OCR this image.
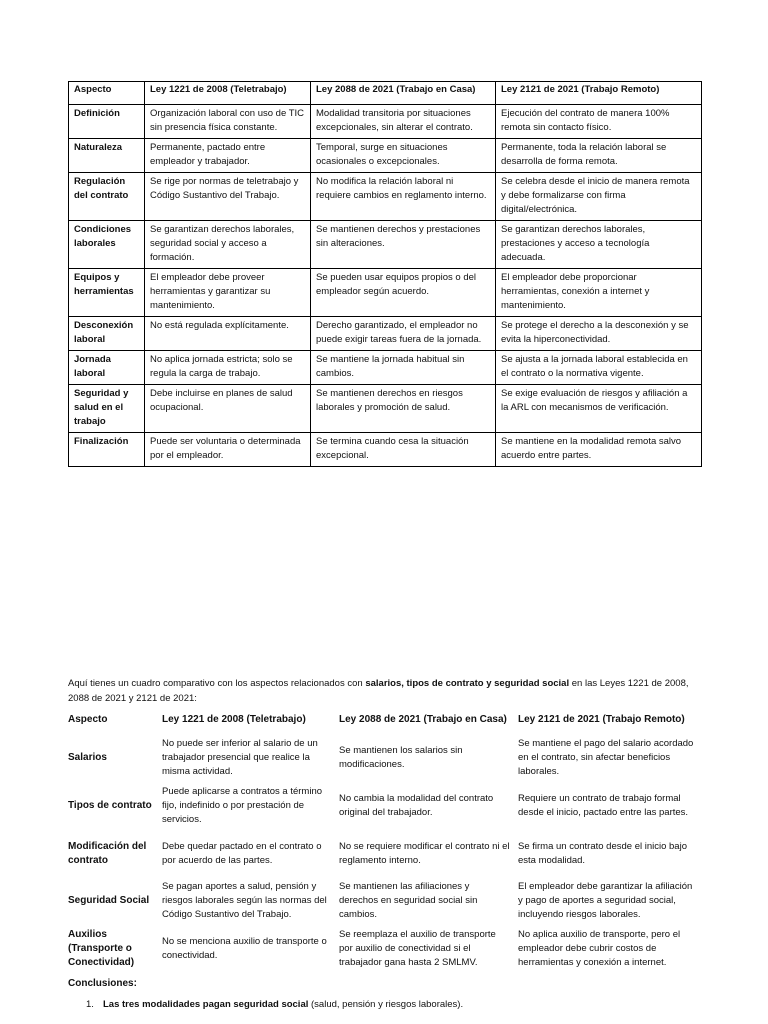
Aspecto	Ley 1221 de 2008 (Teletrabajo)	Ley 2088 de 2021 (Trabajo en Casa)	Ley 2121 de 2021 (Trabajo Remoto)
Definición	Organización laboral con uso de TIC sin presencia física constante.	Modalidad transitoria por situaciones excepcionales, sin alterar el contrato.	Ejecución del contrato de manera 100% remota sin contacto físico.
Naturaleza	Permanente, pactado entre empleador y trabajador.	Temporal, surge en situaciones ocasionales o excepcionales.	Permanente, toda la relación laboral se desarrolla de forma remota.
Regulación del contrato	Se rige por normas de teletrabajo y Código Sustantivo del Trabajo.	No modifica la relación laboral ni requiere cambios en reglamento interno.	Se celebra desde el inicio de manera remota y debe formalizarse con firma digital/electrónica.
Condiciones laborales	Se garantizan derechos laborales, seguridad social y acceso a formación.	Se mantienen derechos y prestaciones sin alteraciones.	Se garantizan derechos laborales, prestaciones y acceso a tecnología adecuada.
Equipos y herramientas	El empleador debe proveer herramientas y garantizar su mantenimiento.	Se pueden usar equipos propios o del empleador según acuerdo.	El empleador debe proporcionar herramientas, conexión a internet y mantenimiento.
Desconexión laboral	No está regulada explícitamente.	Derecho garantizado, el empleador no puede exigir tareas fuera de la jornada.	Se protege el derecho a la desconexión y se evita la hiperconectividad.
Jornada laboral	No aplica jornada estricta; solo se regula la carga de trabajo.	Se mantiene la jornada habitual sin cambios.	Se ajusta a la jornada laboral establecida en el contrato o la normativa vigente.
Seguridad y salud en el trabajo	Debe incluirse en planes de salud ocupacional.	Se mantienen derechos en riesgos laborales y promoción de salud.	Se exige evaluación de riesgos y afiliación a la ARL con mecanismos de verificación.
Finalización	Puede ser voluntaria o determinada por el empleador.	Se termina cuando cesa la situación excepcional.	Se mantiene en la modalidad remota salvo acuerdo entre partes.

Aquí tienes un cuadro comparativo con los aspectos relacionados con salarios, tipos de contrato y seguridad social en las Leyes 1221 de 2008, 2088 de 2021 y 2121 de 2021:

Aspecto	Ley 1221 de 2008 (Teletrabajo)	Ley 2088 de 2021 (Trabajo en Casa)	Ley 2121 de 2021 (Trabajo Remoto)
Salarios	No puede ser inferior al salario de un trabajador presencial que realice la misma actividad.	Se mantienen los salarios sin modificaciones.	Se mantiene el pago del salario acordado en el contrato, sin afectar beneficios laborales.
Tipos de contrato	Puede aplicarse a contratos a término fijo, indefinido o por prestación de servicios.	No cambia la modalidad del contrato original del trabajador.	Requiere un contrato de trabajo formal desde el inicio, pactado entre las partes.
Modificación del contrato	Debe quedar pactado en el contrato o por acuerdo de las partes.	No se requiere modificar el contrato ni el reglamento interno.	Se firma un contrato desde el inicio bajo esta modalidad.
Seguridad Social	Se pagan aportes a salud, pensión y riesgos laborales según las normas del Código Sustantivo del Trabajo.	Se mantienen las afiliaciones y derechos en seguridad social sin cambios.	El empleador debe garantizar la afiliación y pago de aportes a seguridad social, incluyendo riesgos laborales.
Auxilios (Transporte o Conectividad)	No se menciona auxilio de transporte o conectividad.	Se reemplaza el auxilio de transporte por auxilio de conectividad si el trabajador gana hasta 2 SMLMV.	No aplica auxilio de transporte, pero el empleador debe cubrir costos de herramientas y conexión a internet.
Conclusiones:
1. Las tres modalidades pagan seguridad social (salud, pensión y riesgos laborales).
